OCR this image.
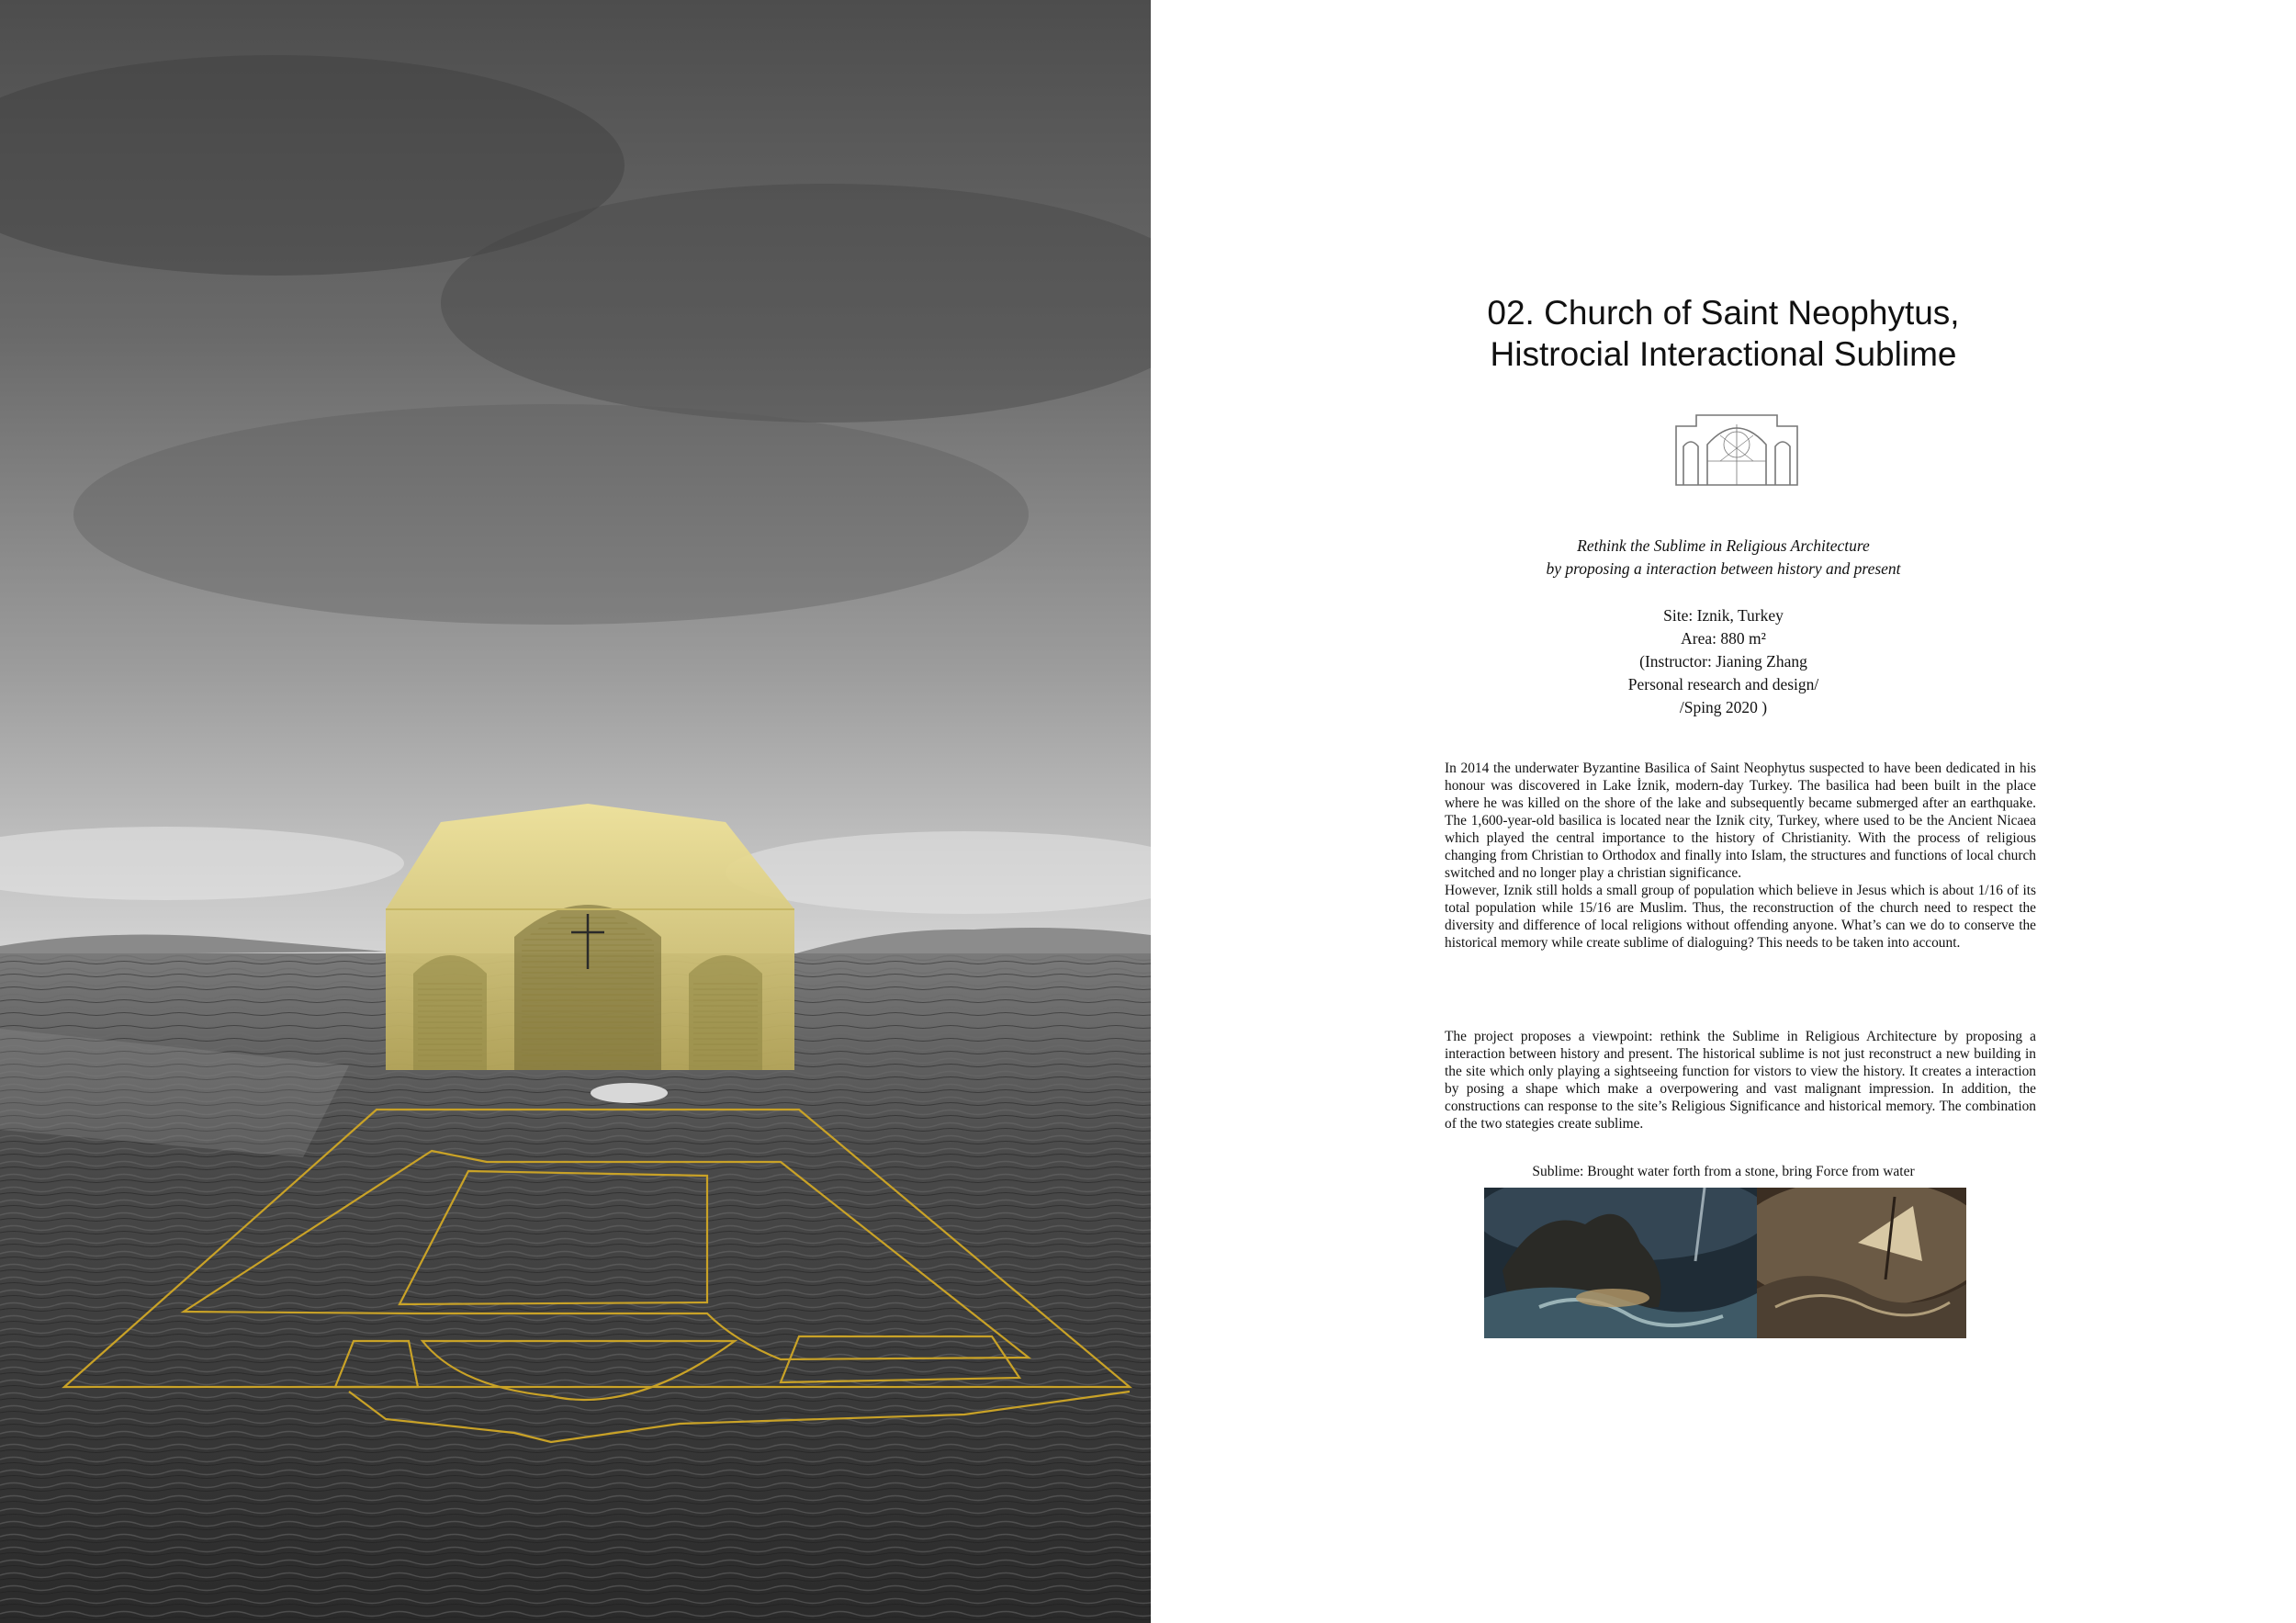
02. Church of Saint Neophytus,
Histrocial Interactional Sublime
Rethink the Sublime in Religious Architecture
by proposing a interaction between history and present
Site: Iznik, Turkey
Area: 880 m²
(Instructor: Jianing Zhang
Personal research and design/
/Sping 2020 )
In 2014 the underwater Byzantine Basilica of Saint Neophytus suspected to have been dedicated in his honour was discovered in Lake İznik, modern-day Turkey. The basilica had been built in the place where he was killed on the shore of the lake and subsequently became submerged after an earthquake. The 1,600-year-old basilica is located near the Iznik city, Turkey, where used to be the Ancient Nicaea which played the central importance to the history of Christianity. With the process of religious changing from Christian to Orthodox and finally into Islam, the structures and functions of local church switched and no longer play a christian significance.
However, Iznik still holds a small group of population which believe in Jesus which is about 1/16 of its total population while 15/16 are Muslim. Thus, the reconstruction of the church need to respect the diversity and difference of local religions without offending anyone. What’s can we do to conserve the historical memory while create sublime of dialoguing? This needs to be taken into account.
The project proposes a viewpoint: rethink the Sublime in Religious Architecture by proposing a interaction between history and present. The historical sublime is not just reconstruct a new building in the site which only playing a sightseeing function for vistors to view the history. It creates a interaction by posing a shape which make a overpowering and vast malignant impression. In addition, the constructions can response to the site’s Religious Significance and historical memory. The combination of the two stategies create sublime.
Sublime: Brought water forth from a stone, bring Force from water
